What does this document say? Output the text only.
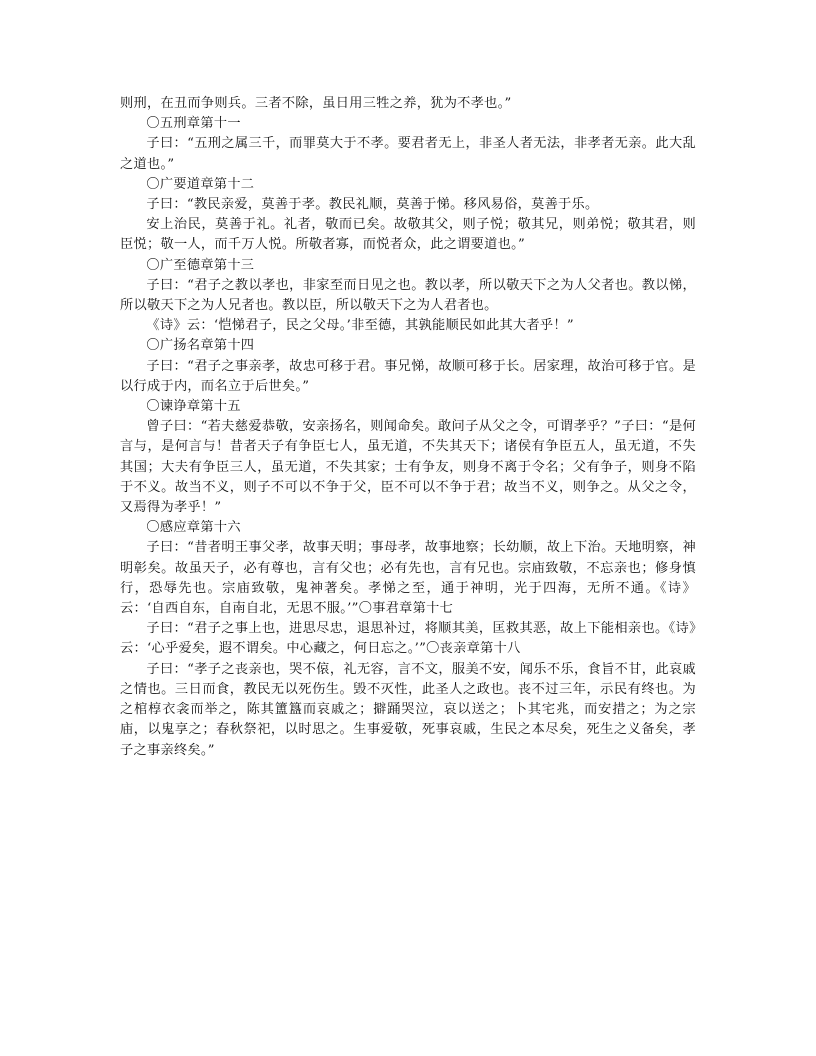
则刑，在丑而争则兵。三者不除，虽日用三牲之养，犹为不孝也。”

〇五刑章第十一

子曰：“五刑之属三千，而罪莫大于不孝。要君者无上，非圣人者无法，非孝者无亲。此大乱之道也。”

〇广要道章第十二

子曰：“教民亲爱，莫善于孝。教民礼顺，莫善于悌。移风易俗，莫善于乐。

安上治民，莫善于礼。礼者，敬而已矣。故敬其父，则子悦；敬其兄，则弟悦；敬其君，则臣悦；敬一人，而千万人悦。所敬者寡，而悦者众，此之谓要道也。”

〇广至德章第十三

子曰：“君子之教以孝也，非家至而日见之也。教以孝，所以敬天下之为人父者也。教以悌，所以敬天下之为人兄者也。教以臣，所以敬天下之为人君者也。

《诗》云：‘恺悌君子，民之父母。’非至德，其孰能顺民如此其大者乎！”

〇广扬名章第十四

子曰：“君子之事亲孝，故忠可移于君。事兄悌，故顺可移于长。居家理，故治可移于官。是以行成于内，而名立于后世矣。”

〇谏诤章第十五

曾子曰：“若夫慈爱恭敬，安亲扬名，则闻命矣。敢问子从父之令，可谓孝乎？”子曰：“是何言与，是何言与！昔者天子有争臣七人，虽无道，不失其天下；诸侯有争臣五人，虽无道，不失其国；大夫有争臣三人，虽无道，不失其家；士有争友，则身不离于令名；父有争子，则身不陷于不义。故当不义，则子不可以不争于父，臣不可以不争于君；故当不义，则争之。从父之令，又焉得为孝乎！”

〇感应章第十六

子曰：“昔者明王事父孝，故事天明；事母孝，故事地察；长幼顺，故上下治。天地明察，神明彰矣。故虽天子，必有尊也，言有父也；必有先也，言有兄也。宗庙致敬，不忘亲也；修身慎行，恐辱先也。宗庙致敬，鬼神著矣。孝悌之至，通于神明，光于四海，无所不通。《诗》云：‘自西自东，自南自北，无思不服。’”〇事君章第十七

子曰：“君子之事上也，进思尽忠，退思补过，将顺其美，匡救其恶，故上下能相亲也。《诗》云：‘心乎爱矣，遐不谓矣。中心藏之，何日忘之。’”〇丧亲章第十八

子曰：“孝子之丧亲也，哭不偯，礼无容，言不文，服美不安，闻乐不乐，食旨不甘，此哀戚之情也。三日而食，教民无以死伤生。毁不灭性，此圣人之政也。丧不过三年，示民有终也。为之棺椁衣衾而举之，陈其簠簋而哀戚之；擗踊哭泣，哀以送之；卜其宅兆，而安措之；为之宗庙，以鬼享之；春秋祭祀，以时思之。生事爱敬，死事哀戚，生民之本尽矣，死生之义备矣，孝子之事亲终矣。”
